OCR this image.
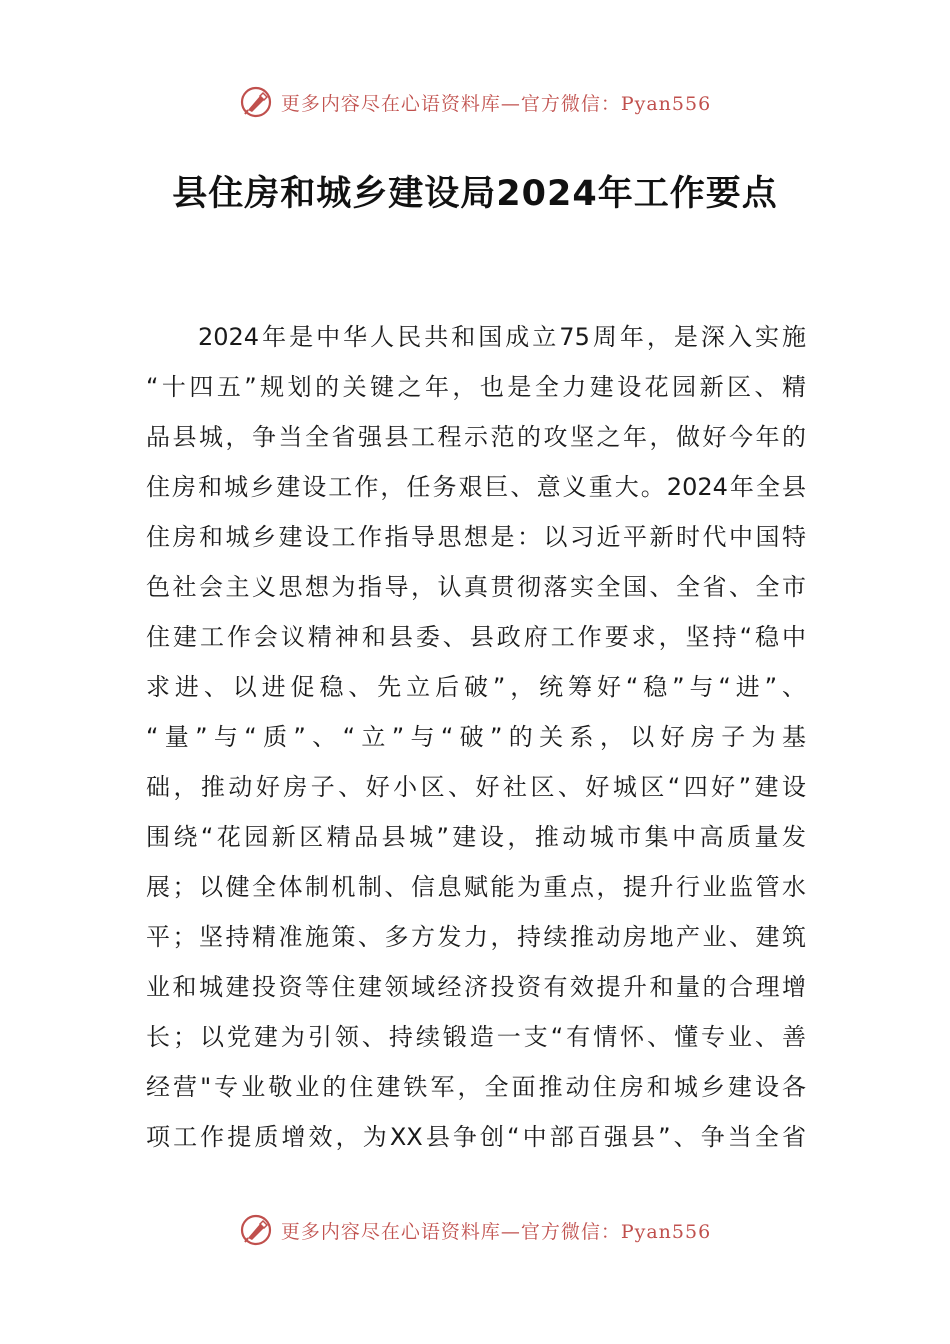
更多内容尽在心语资料库—官方微信：Pyan556
县住房和城乡建设局2024年工作要点
2024年是中华人民共和国成立75周年，是深入实施
“十四五”规划的关键之年，也是全力建设花园新区、精
品县城，争当全省强县工程示范的攻坚之年，做好今年的
住房和城乡建设工作，任务艰巨、意义重大。2024年全县
住房和城乡建设工作指导思想是：以习近平新时代中国特
色社会主义思想为指导，认真贯彻落实全国、全省、全市
住建工作会议精神和县委、县政府工作要求，坚持“稳中
求进、以进促稳、先立后破”，统筹好“稳”与“进”、
“量”与“质”、“立”与“破”的关系，以好房子为基
础，推动好房子、好小区、好社区、好城区“四好”建设
围绕“花园新区精品县城”建设，推动城市集中高质量发
展；以健全体制机制、信息赋能为重点，提升行业监管水
平；坚持精准施策、多方发力，持续推动房地产业、建筑
业和城建投资等住建领域经济投资有效提升和量的合理增
长；以党建为引领、持续锻造一支“有情怀、懂专业、善
经营"专业敬业的住建铁军，全面推动住房和城乡建设各
项工作提质增效，为XX县争创“中部百强县”、争当全省
更多内容尽在心语资料库—官方微信：Pyan556
